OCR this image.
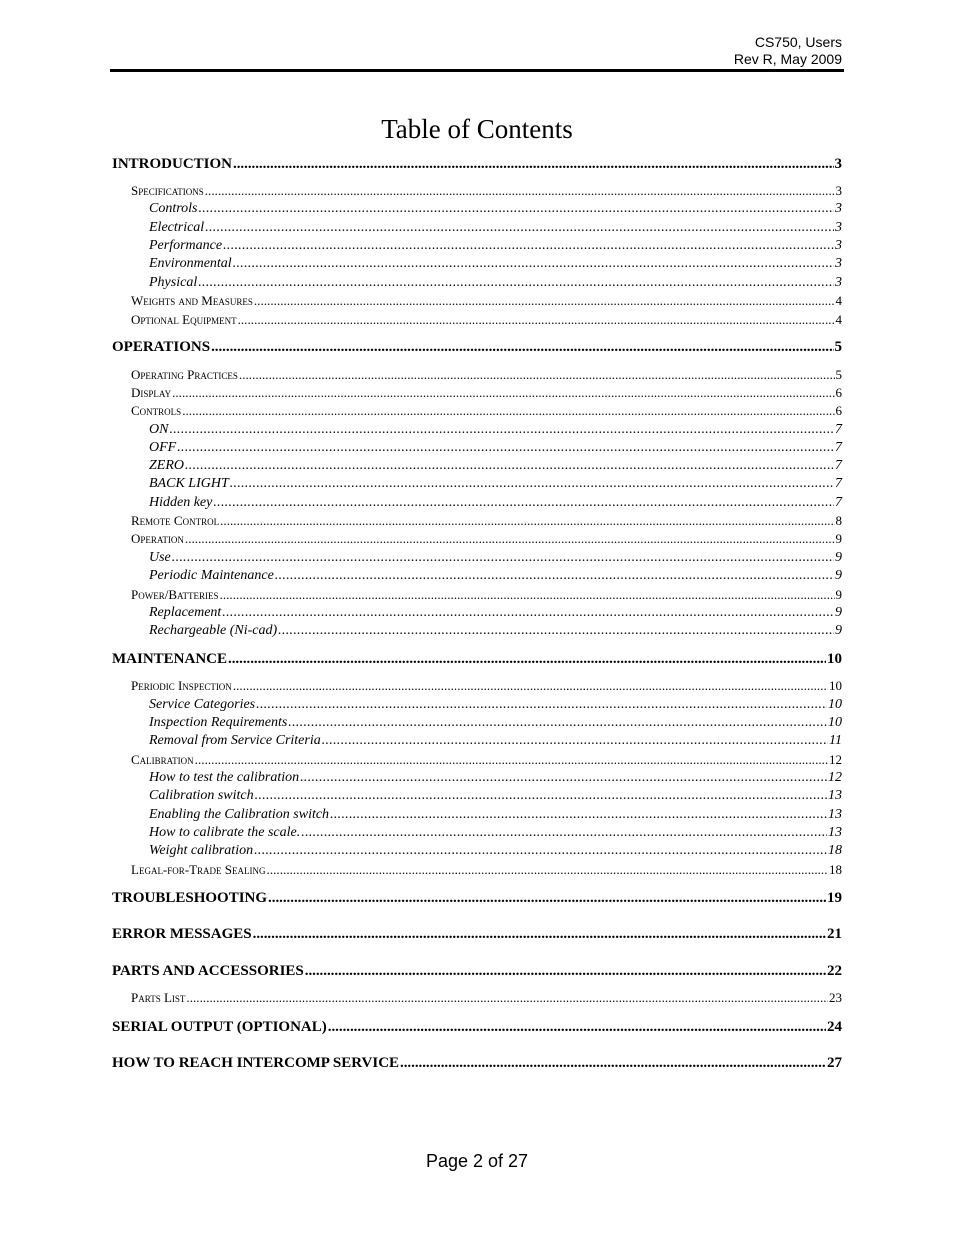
CS750, Users
Rev R, May 2009
Table of Contents
INTRODUCTION . . .	3
Specifications . . .	3
Controls . . .	3
Electrical . . .	3
Performance . . .	3
Environmental . . .	3
Physical . . .	3
Weights and Measures . . .	4
Optional Equipment . . .	4
OPERATIONS . . .	5
Operating Practices . . .	5
Display . . .	6
Controls . . .	6
ON . . .	7
OFF . . .	7
ZERO . . .	7
BACK LIGHT . . .	7
Hidden key . . .	7
Remote Control . . .	8
Operation . . .	9
Use . . .	9
Periodic Maintenance . . .	9
Power/Batteries . . .	9
Replacement . . .	9
Rechargeable (Ni-cad) . . .	9
MAINTENANCE . . .	10
Periodic Inspection . . .	10
Service Categories . . .	10
Inspection Requirements . . .	10
Removal from Service Criteria . . .	11
Calibration . . .	12
How to test the calibration . . .	12
Calibration switch . . .	13
Enabling the Calibration switch . . .	13
How to calibrate the scale. . . .	13
Weight calibration . . .	18
Legal-for-Trade Sealing . . .	18
TROUBLESHOOTING . . .	19
ERROR MESSAGES . . .	21
PARTS AND ACCESSORIES . . .	22
Parts List . . .	23
SERIAL OUTPUT (OPTIONAL) . . .	24
HOW TO REACH INTERCOMP SERVICE . . .	27
Page 2 of 27
